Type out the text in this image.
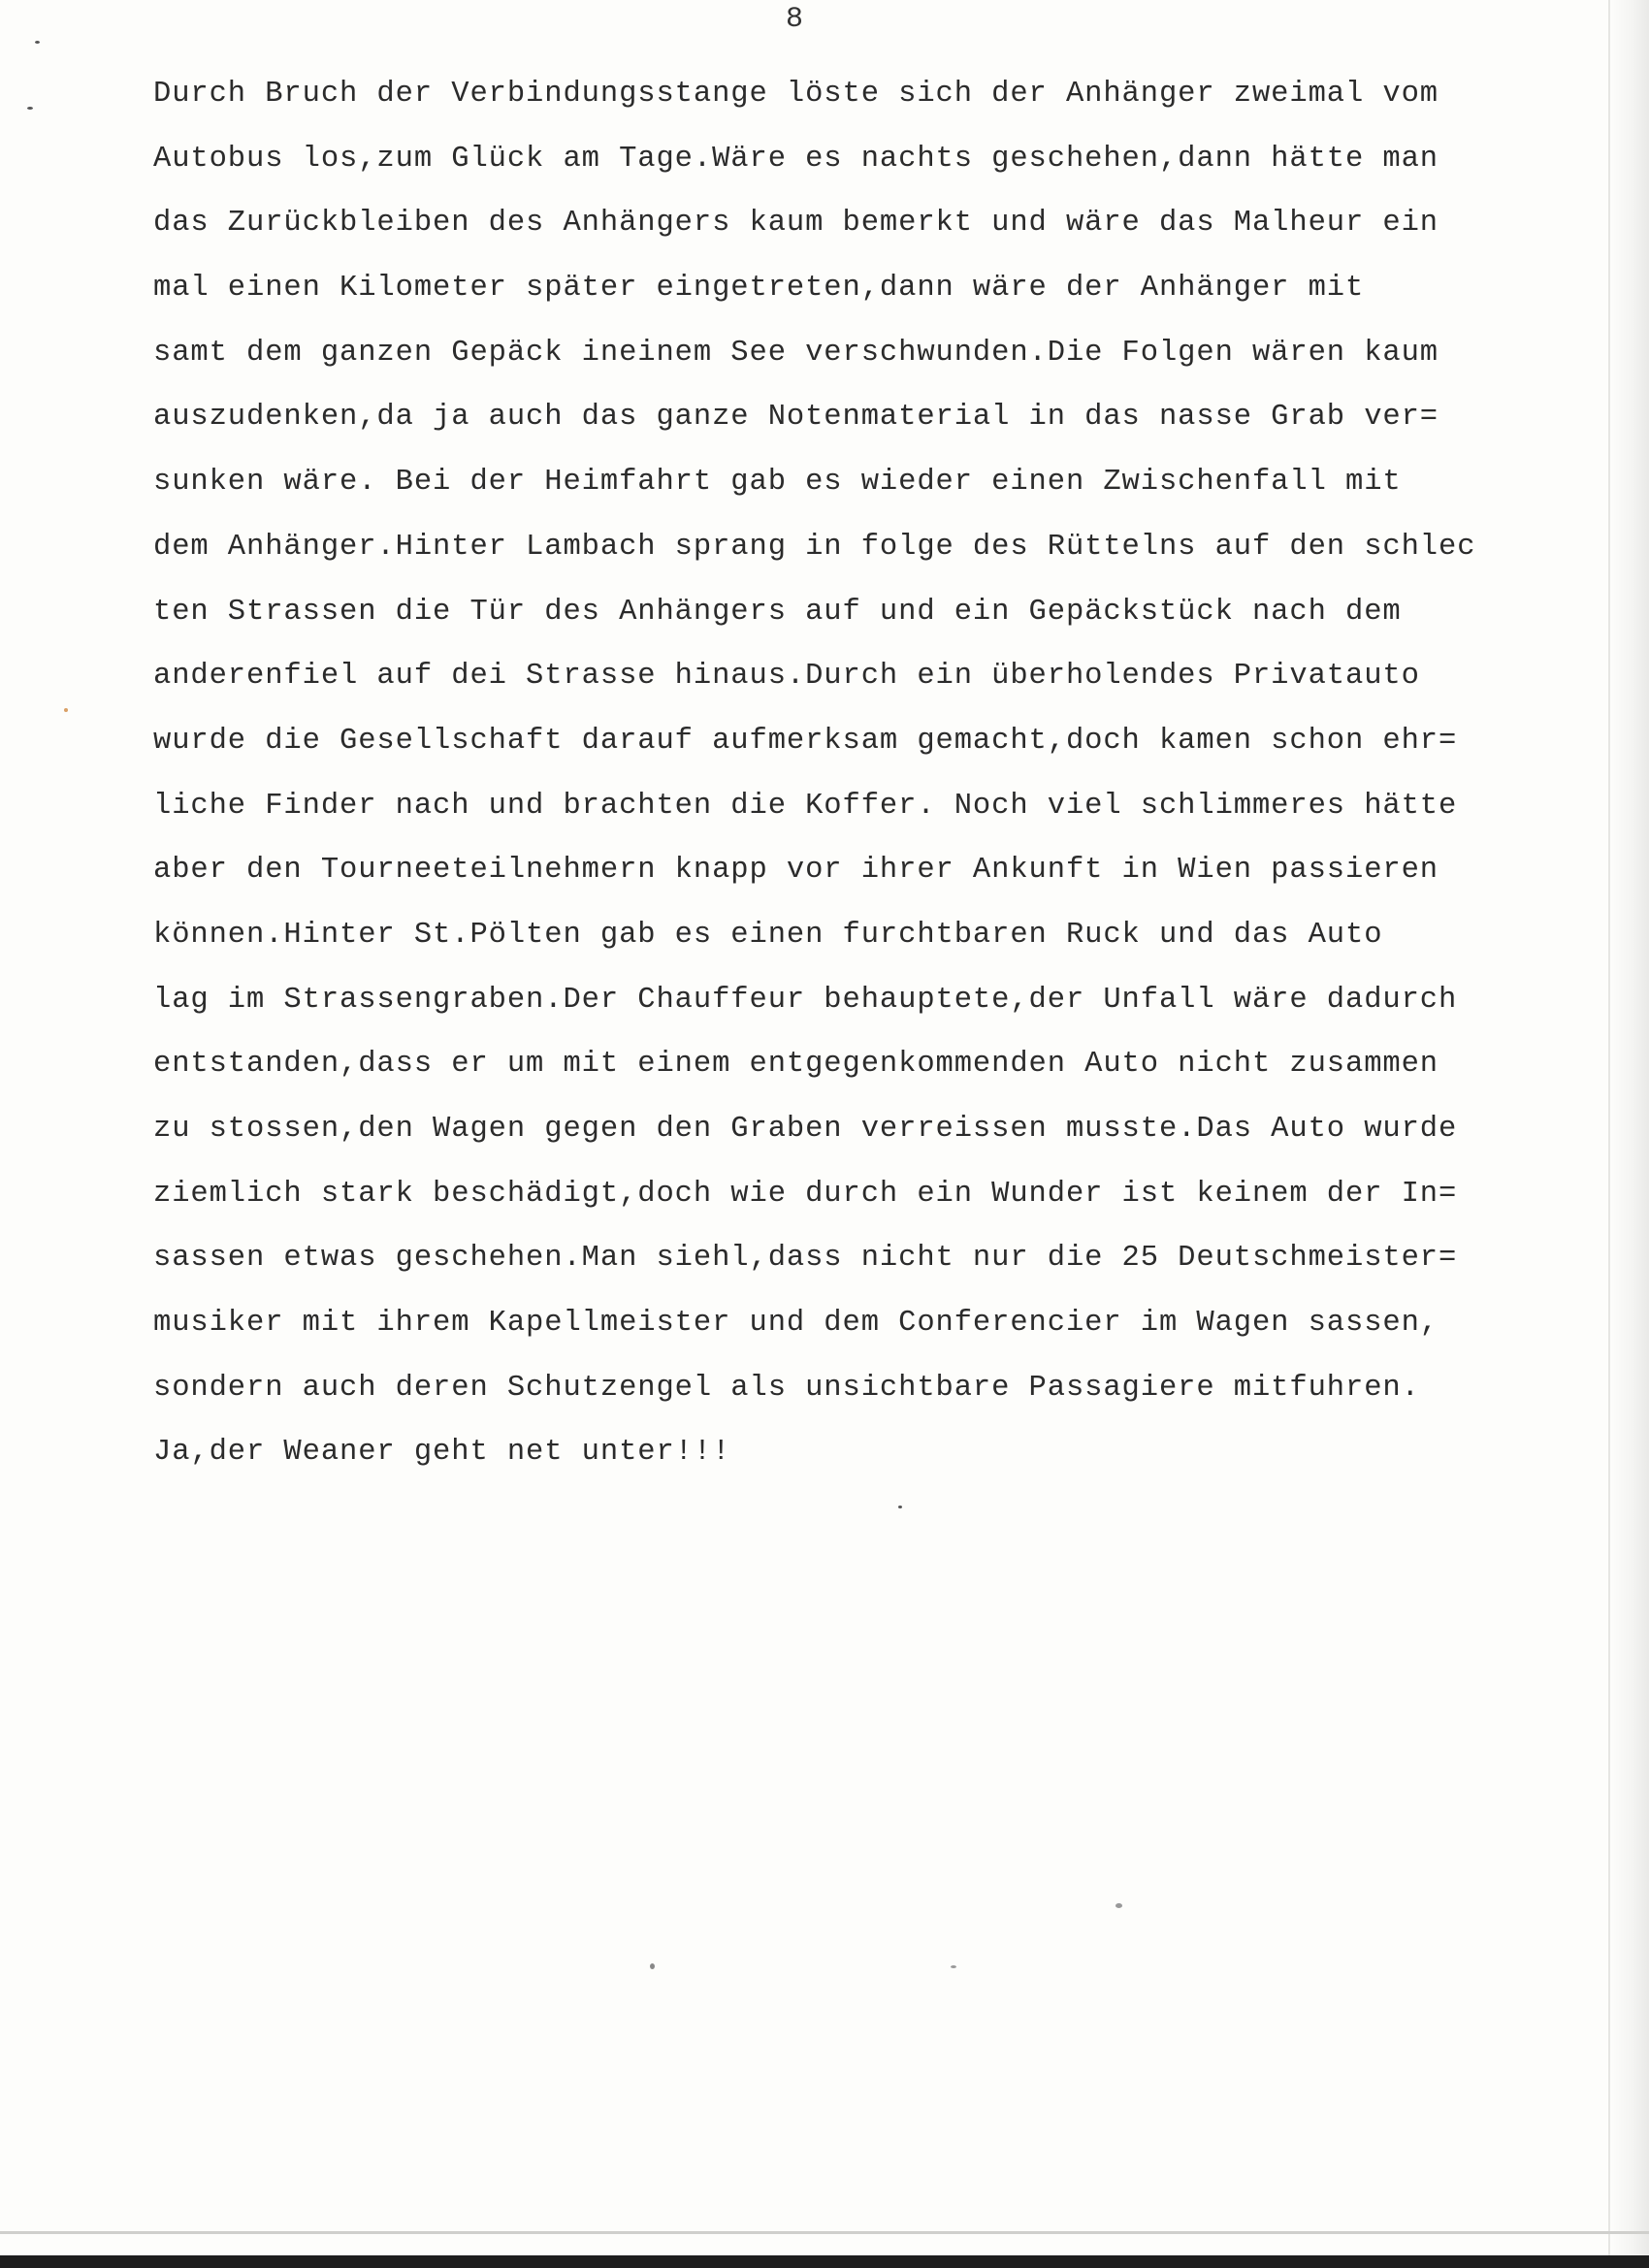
8
Durch Bruch der Verbindungsstange löste sich der Anhänger zweimal vom
Autobus los,zum Glück am Tage.Wäre es nachts geschehen,dann hätte man
das Zurückbleiben des Anhängers kaum bemerkt und wäre das Malheur ein
mal einen Kilometer später eingetreten,dann wäre der Anhänger mit
samt dem ganzen Gepäck ineinem See verschwunden.Die Folgen wären kaum
auszudenken,da ja auch das ganze Notenmaterial in das nasse Grab ver=
sunken wäre. Bei der Heimfahrt gab es wieder einen Zwischenfall mit
dem Anhänger.Hinter Lambach sprang in folge des Rüttelns auf den schlec
ten Strassen die Tür des Anhängers auf und ein Gepäckstück nach dem
anderenfiel auf dei Strasse hinaus.Durch ein überholendes Privatauto
wurde die Gesellschaft darauf aufmerksam gemacht,doch kamen schon ehr=
liche Finder nach und brachten die Koffer. Noch viel schlimmeres hätte
aber den Tourneeteilnehmern knapp vor ihrer Ankunft in Wien passieren
können.Hinter St.Pölten gab es einen furchtbaren Ruck und das Auto
lag im Strassengraben.Der Chauffeur behauptete,der Unfall wäre dadurch
entstanden,dass er um mit einem entgegenkommenden Auto nicht zusammen
zu stossen,den Wagen gegen den Graben verreissen musste.Das Auto wurde
ziemlich stark beschädigt,doch wie durch ein Wunder ist keinem der In=
sassen etwas geschehen.Man siehl,dass nicht nur die 25 Deutschmeister=
musiker mit ihrem Kapellmeister und dem Conferencier im Wagen sassen,
sondern auch deren Schutzengel als unsichtbare Passagiere mitfuhren.
Ja,der Weaner geht net unter!!!
